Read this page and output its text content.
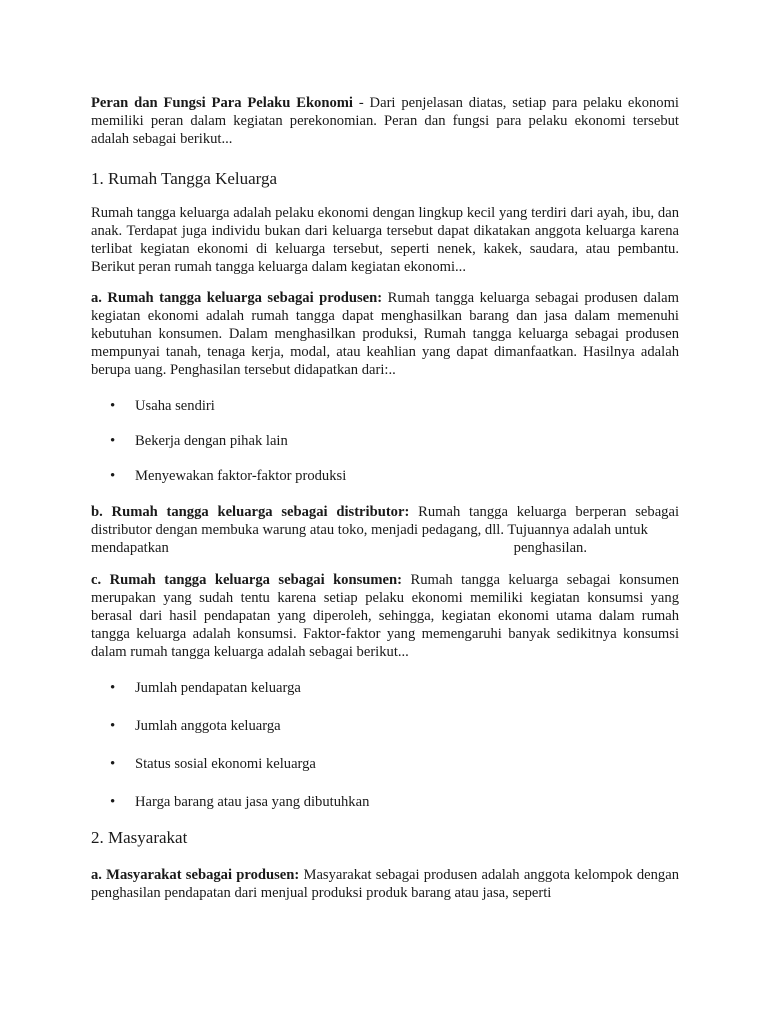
Peran dan Fungsi Para Pelaku Ekonomi - Dari penjelasan diatas, setiap para pelaku ekonomi memiliki peran dalam kegiatan perekonomian. Peran dan fungsi para pelaku ekonomi tersebut adalah sebagai berikut...

1. Rumah Tangga Keluarga

Rumah tangga keluarga adalah pelaku ekonomi dengan lingkup kecil yang terdiri dari ayah, ibu, dan anak. Terdapat juga individu bukan dari keluarga tersebut dapat dikatakan anggota keluarga karena terlibat kegiatan ekonomi di keluarga tersebut, seperti nenek, kakek, saudara, atau pembantu. Berikut peran rumah tangga keluarga dalam kegiatan ekonomi...

a. Rumah tangga keluarga sebagai produsen: Rumah tangga keluarga sebagai produsen dalam kegiatan ekonomi adalah rumah tangga dapat menghasilkan barang dan jasa dalam memenuhi kebutuhan konsumen. Dalam menghasilkan produksi, Rumah tangga keluarga sebagai produsen mempunyai tanah, tenaga kerja, modal, atau keahlian yang dapat dimanfaatkan. Hasilnya adalah berupa uang. Penghasilan tersebut didapatkan dari:..

• Usaha sendiri
• Bekerja dengan pihak lain
• Menyewakan faktor-faktor produksi

b. Rumah tangga keluarga sebagai distributor: Rumah tangga keluarga berperan sebagai distributor dengan membuka warung atau toko, menjadi pedagang, dll. Tujuannya adalah untuk

mendapatkan	penghasilan.

c. Rumah tangga keluarga sebagai konsumen: Rumah tangga keluarga sebagai konsumen merupakan yang sudah tentu karena setiap pelaku ekonomi memiliki kegiatan konsumsi yang berasal dari hasil pendapatan yang diperoleh, sehingga, kegiatan ekonomi utama dalam rumah tangga keluarga adalah konsumsi. Faktor-faktor yang memengaruhi banyak sedikitnya konsumsi dalam rumah tangga keluarga adalah sebagai berikut...

• Jumlah pendapatan keluarga
• Jumlah anggota keluarga
• Status sosial ekonomi keluarga
• Harga barang atau jasa yang dibutuhkan
2. Masyarakat

a. Masyarakat sebagai produsen: Masyarakat sebagai produsen adalah anggota kelompok dengan penghasilan pendapatan dari menjual produksi produk barang atau jasa, seperti
